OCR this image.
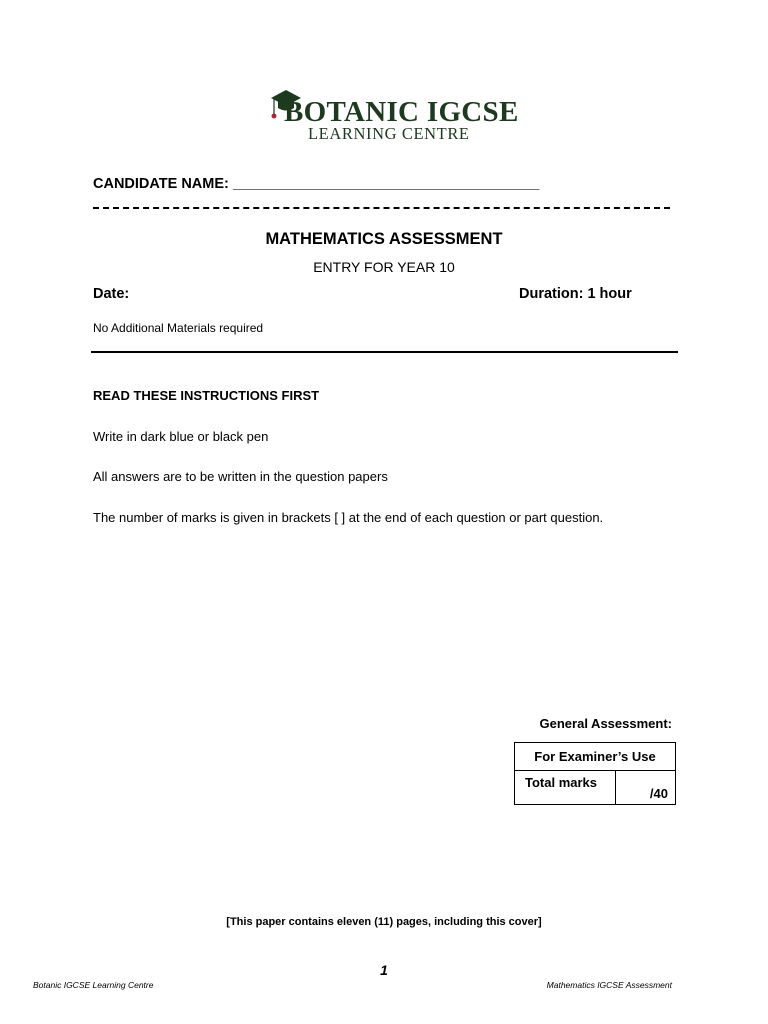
BOTANIC IGCSE
LEARNING CENTRE
CANDIDATE NAME: ______________________________________
MATHEMATICS ASSESSMENT
ENTRY FOR YEAR 10
Date:	Duration: 1 hour
No Additional Materials required
READ THESE INSTRUCTIONS FIRST
Write in dark blue or black pen
All answers are to be written in the question papers
The number of marks is given in brackets [ ] at the end of each question or part question.
General Assessment:
For Examiner’s Use
Total marks	/40
[This paper contains eleven (11) pages, including this cover]
1
Botanic IGCSE Learning Centre	Mathematics IGCSE Assessment
